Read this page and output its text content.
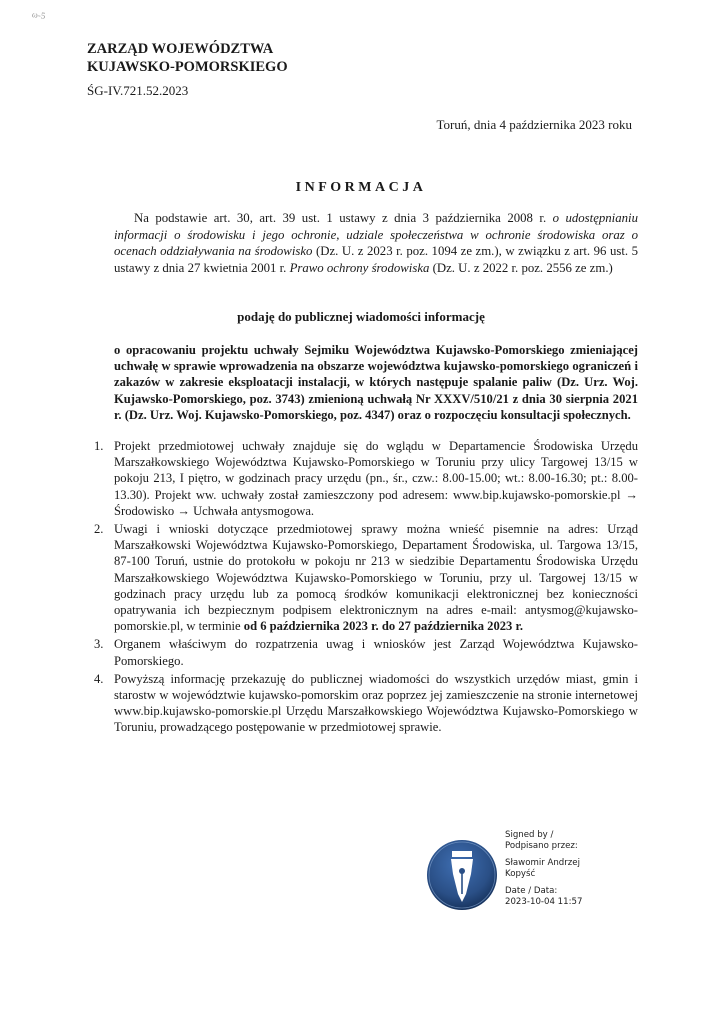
ω-5
ZARZĄD WOJEWÓDZTWA
KUJAWSKO-POMORSKIEGO
ŚG-IV.721.52.2023
Toruń, dnia 4 października 2023 roku
INFORMACJA
Na podstawie art. 30, art. 39 ust. 1 ustawy z dnia 3 października 2008 r. o udostępnianiu informacji o środowisku i jego ochronie, udziale społeczeństwa w ochronie środowiska oraz o ocenach oddziaływania na środowisko (Dz. U. z 2023 r. poz. 1094 ze zm.), w związku z art. 96 ust. 5 ustawy z dnia 27 kwietnia 2001 r. Prawo ochrony środowiska (Dz. U. z 2022 r. poz. 2556 ze zm.)
podaję do publicznej wiadomości informację
o opracowaniu projektu uchwały Sejmiku Województwa Kujawsko-Pomorskiego zmieniającej uchwałę w sprawie wprowadzenia na obszarze województwa kujawsko-pomorskiego ograniczeń i zakazów w zakresie eksploatacji instalacji, w których następuje spalanie paliw (Dz. Urz. Woj. Kujawsko-Pomorskiego, poz. 3743) zmienioną uchwałą Nr XXXV/510/21 z dnia 30 sierpnia 2021 r. (Dz. Urz. Woj. Kujawsko-Pomorskiego, poz. 4347) oraz o rozpoczęciu konsultacji społecznych.
1. Projekt przedmiotowej uchwały znajduje się do wglądu w Departamencie Środowiska Urzędu Marszałkowskiego Województwa Kujawsko-Pomorskiego w Toruniu przy ulicy Targowej 13/15 w pokoju 213, I piętro, w godzinach pracy urzędu (pn., śr., czw.: 8.00-15.00; wt.: 8.00-16.30; pt.: 8.00-13.30). Projekt ww. uchwały został zamieszczony pod adresem: www.bip.kujawsko-pomorskie.pl → Środowisko → Uchwała antysmogowa.
2. Uwagi i wnioski dotyczące przedmiotowej sprawy można wnieść pisemnie na adres: Urząd Marszałkowski Województwa Kujawsko-Pomorskiego, Departament Środowiska, ul. Targowa 13/15, 87-100 Toruń, ustnie do protokołu w pokoju nr 213 w siedzibie Departamentu Środowiska Urzędu Marszałkowskiego Województwa Kujawsko-Pomorskiego w Toruniu, przy ul. Targowej 13/15 w godzinach pracy urzędu lub za pomocą środków komunikacji elektronicznej bez konieczności opatrywania ich bezpiecznym podpisem elektronicznym na adres e-mail: antysmog@kujawsko-pomorskie.pl, w terminie od 6 października 2023 r. do 27 października 2023 r.
3. Organem właściwym do rozpatrzenia uwag i wniosków jest Zarząd Województwa Kujawsko-Pomorskiego.
4. Powyższą informację przekazuję do publicznej wiadomości do wszystkich urzędów miast, gmin i starostw w województwie kujawsko-pomorskim oraz poprzez jej zamieszczenie na stronie internetowej www.bip.kujawsko-pomorskie.pl Urzędu Marszałkowskiego Województwa Kujawsko-Pomorskiego w Toruniu, prowadzącego postępowanie w przedmiotowej sprawie.
Signed by /
Podpisano przez:
Sławomir Andrzej
Kopyść
Date / Data:
2023-10-04 11:57
